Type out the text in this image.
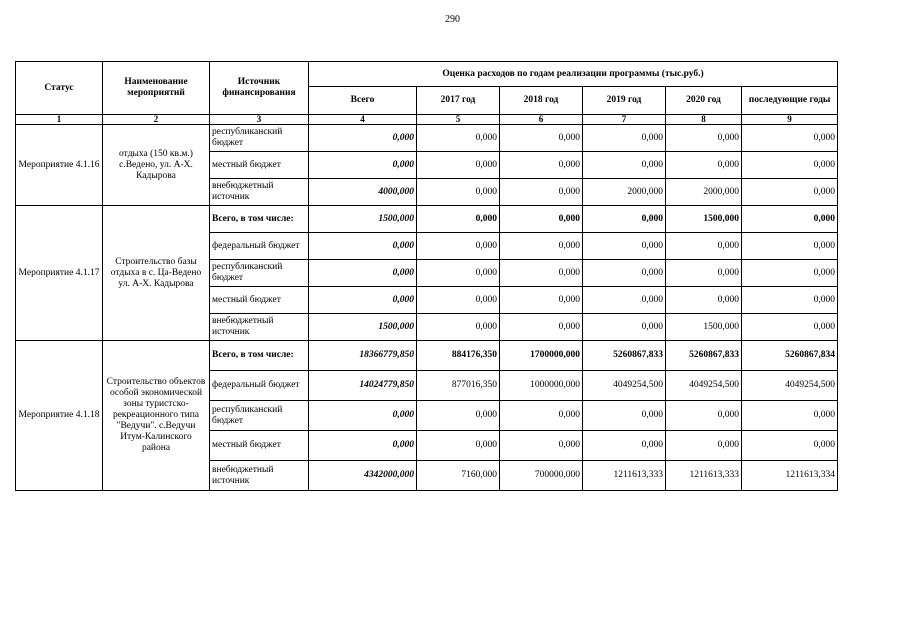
290
Статус	Наименование мероприятий	Источник финансирования	Оценка расходов по годам реализации программы (тыс.руб.)					
			Всего	2017 год	2018 год	2019 год	2020 год	последующие годы
1	2	3	4	5	6	7	8	9
Мероприятие 4.1.16	отдыха (150 кв.м.) с.Ведено, ул. А-Х. Кадырова	республиканский бюджет	0,000	0,000	0,000	0,000	0,000	0,000
		местный бюджет	0,000	0,000	0,000	0,000	0,000	0,000
		внебюджетный источник	4000,000	0,000	0,000	2000,000	2000,000	0,000
Мероприятие 4.1.17	Строительство базы отдыха в с. Ца-Ведено ул. А-Х. Кадырова	Всего, в том числе:	1500,000	0,000	0,000	0,000	1500,000	0,000
		федеральный бюджет	0,000	0,000	0,000	0,000	0,000	0,000
		республиканский бюджет	0,000	0,000	0,000	0,000	0,000	0,000
		местный бюджет	0,000	0,000	0,000	0,000	0,000	0,000
		внебюджетный источник	1500,000	0,000	0,000	0,000	1500,000	0,000
Мероприятие 4.1.18	Строительство объектов особой экономической зоны туристско-рекреационного типа "Ведучи". с.Ведучи Итум-Калинского района	Всего, в том числе:	18366779,850	884176,350	1700000,000	5260867,833	5260867,833	5260867,834
		федеральный бюджет	14024779,850	877016,350	1000000,000	4049254,500	4049254,500	4049254,500
		республиканский бюджет	0,000	0,000	0,000	0,000	0,000	0,000
		местный бюджет	0,000	0,000	0,000	0,000	0,000	0,000
		внебюджетный источник	4342000,000	7160,000	700000,000	1211613,333	1211613,333	1211613,334
